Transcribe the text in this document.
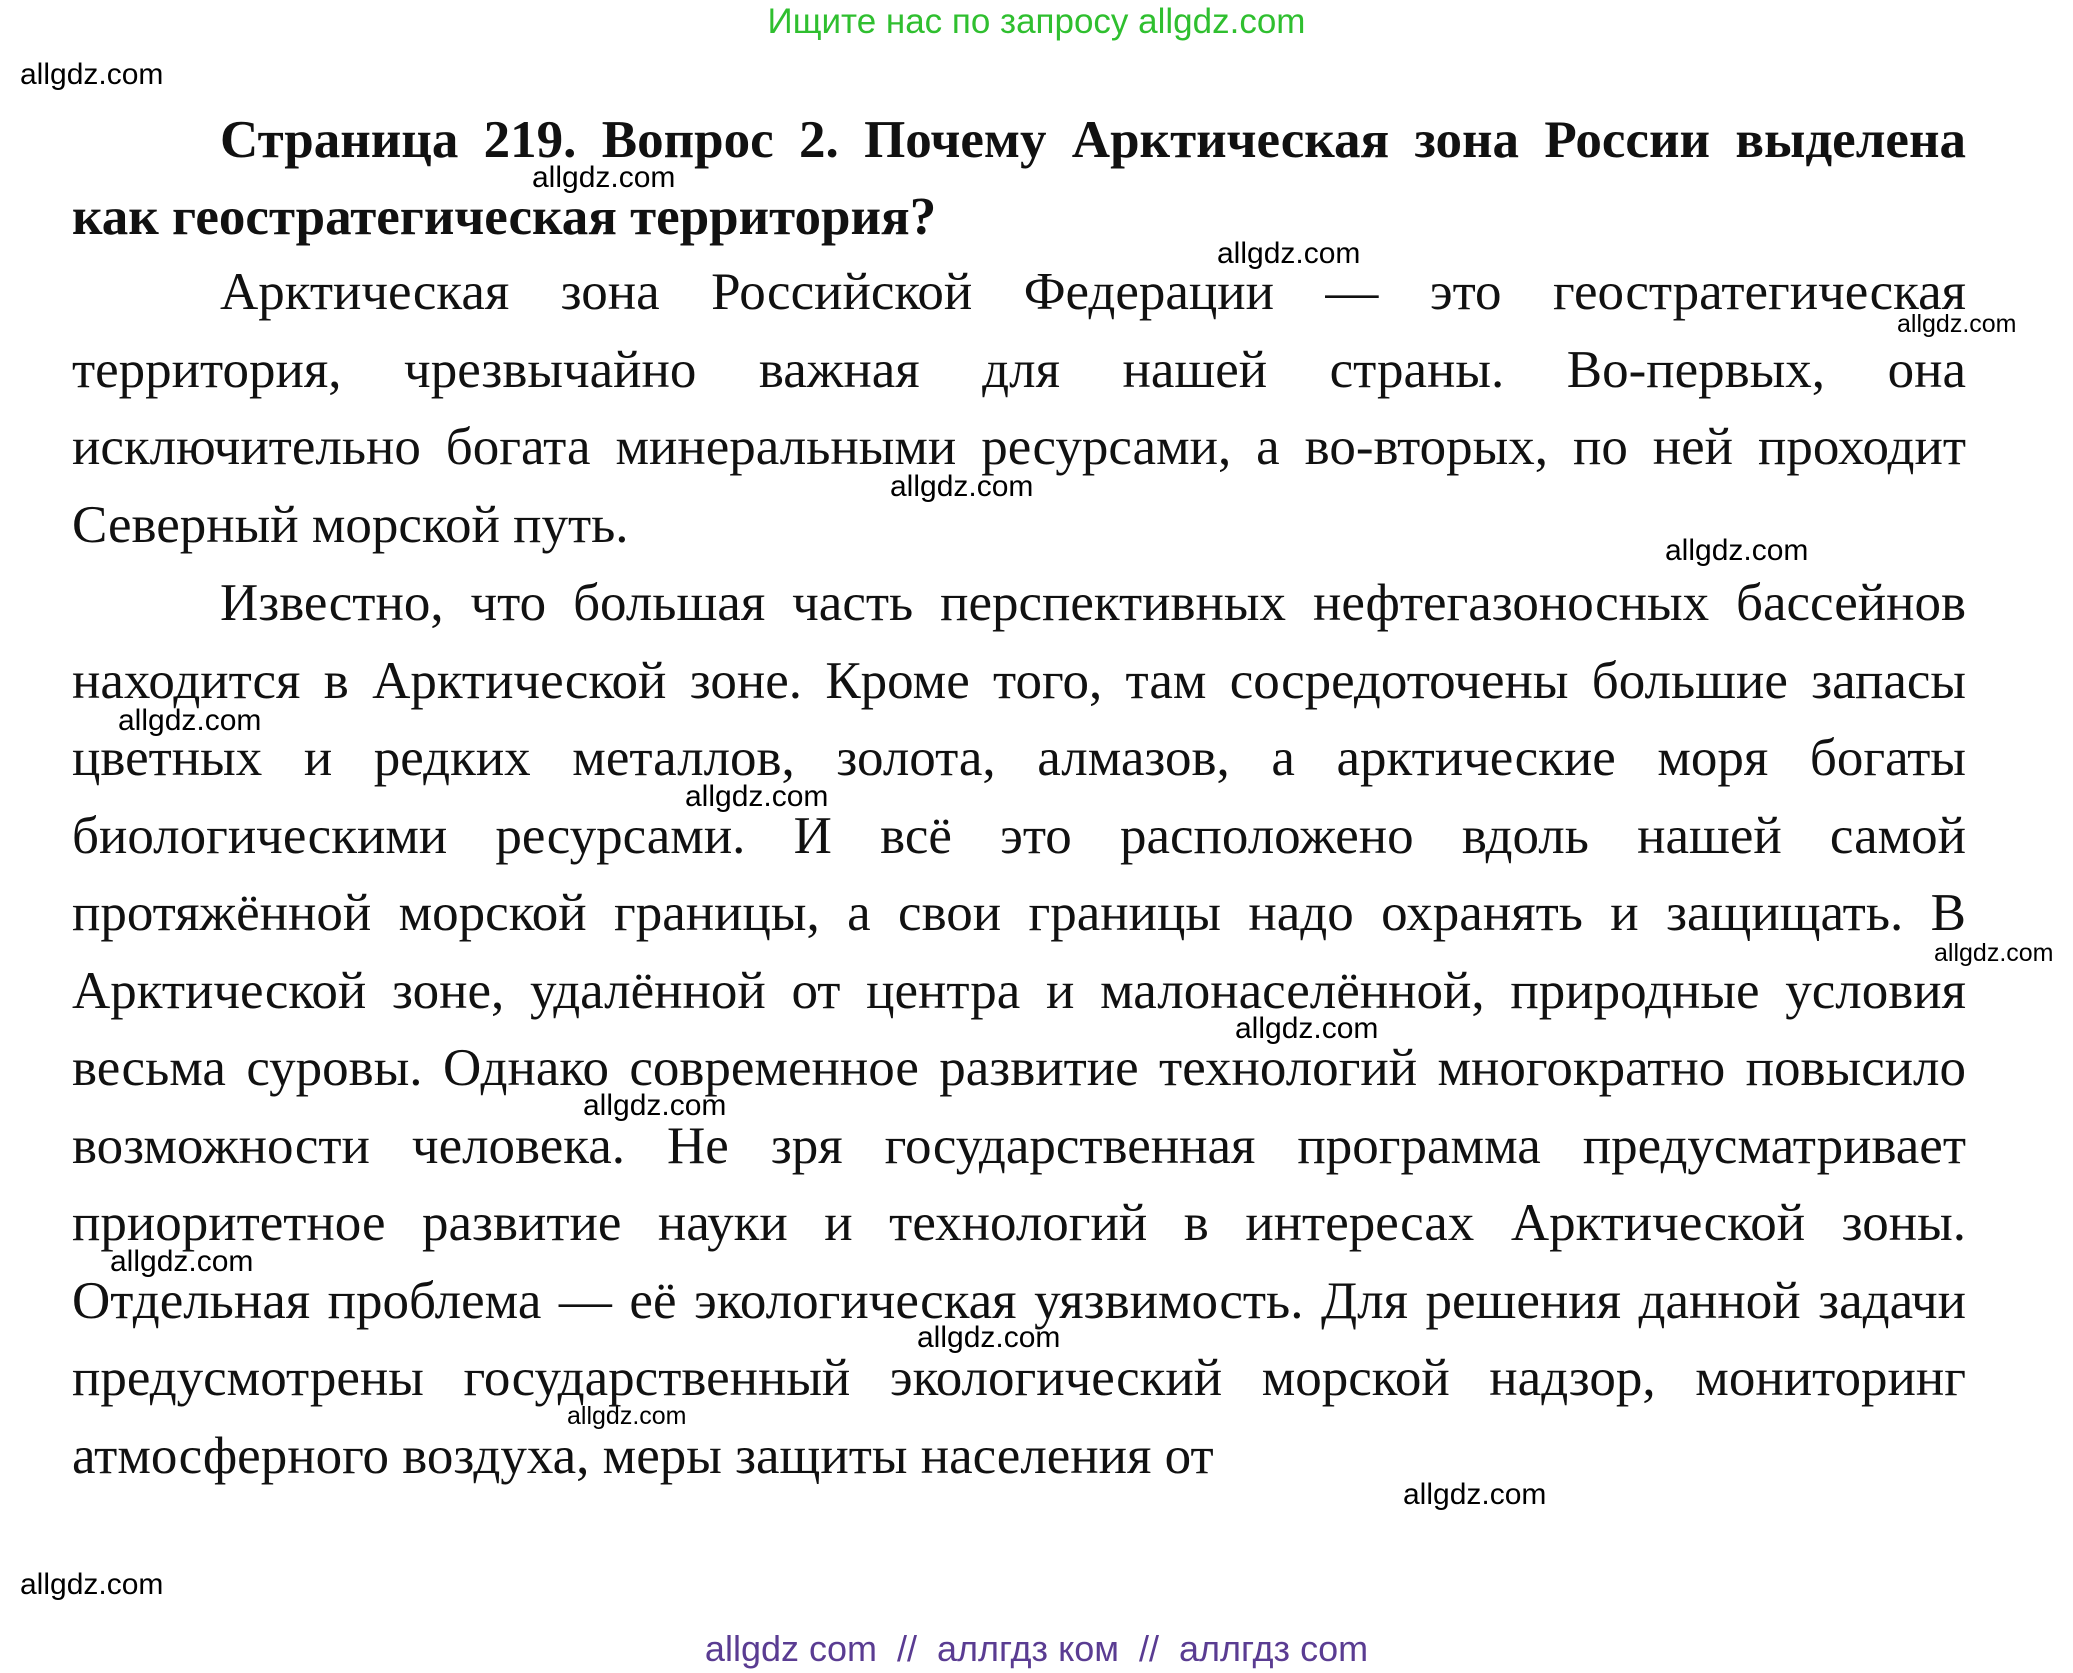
Ищите нас по запросу allgdz.com
allgdz.com
allgdz.com
allgdz.com
allgdz.com
allgdz.com
allgdz.com
allgdz.com
allgdz.com
allgdz.com
allgdz.com
allgdz.com
allgdz.com
allgdz.com
allgdz.com
allgdz.com
allgdz.com

Страница 219. Вопрос 2. Почему Арктическая зона России выделена как геостратегическая территория?

Арктическая зона Российской Федерации — это геостратегическая территория, чрезвычайно важная для нашей страны. Во-первых, она исключительно богата минеральными ресурсами, а во-вторых, по ней проходит Северный морской путь.

Известно, что большая часть перспективных нефтегазоносных бассейнов находится в Арктической зоне. Кроме того, там сосредоточены большие запасы цветных и редких металлов, золота, алмазов, а арктические моря богаты биологическими ресурсами. И всё это расположено вдоль нашей самой протяжённой морской границы, а свои границы надо охранять и защищать. В Арктической зоне, удалённой от центра и малонаселённой, природные условия весьма суровы. Однако современное развитие технологий многократно повысило возможности человека. Не зря государственная программа предусматривает приоритетное развитие науки и технологий в интересах Арктической зоны. Отдельная проблема — её экологическая уязвимость. Для решения данной задачи предусмотрены государственный экологический морской надзор, мониторинг атмосферного воздуха, меры защиты населения от

allgdz com  //  аллгдз ком  //  аллгдз com
